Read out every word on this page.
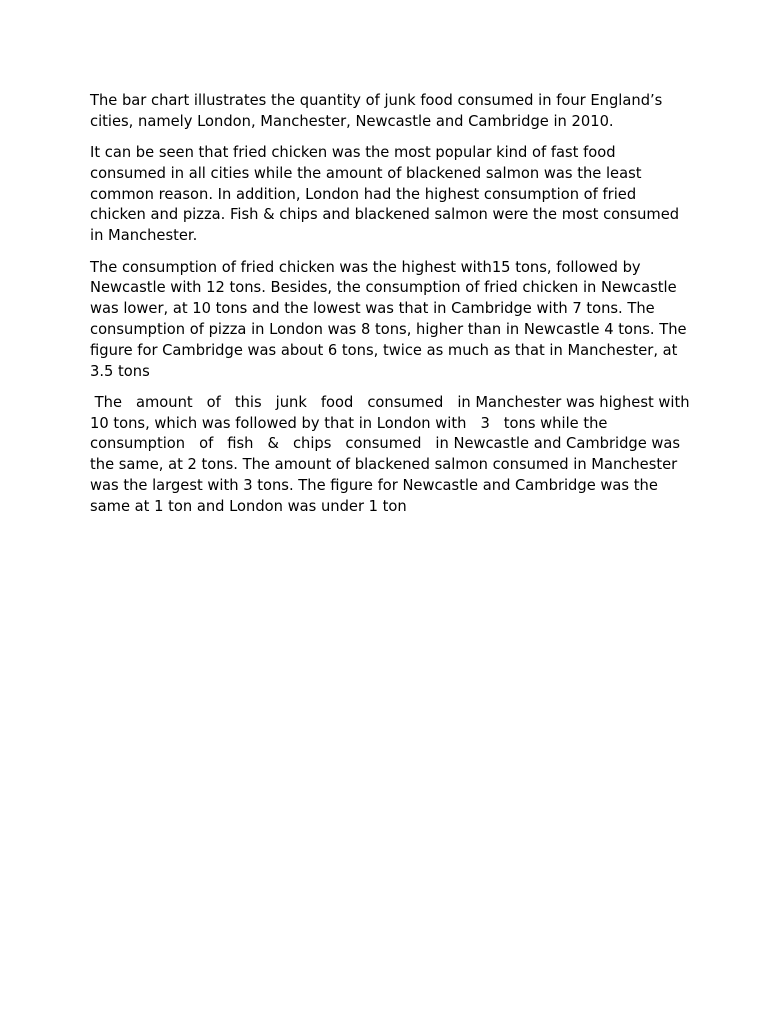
The bar chart illustrates the quantity of junk food consumed in four England’s cities, namely London, Manchester, Newcastle and Cambridge in 2010.

It can be seen that fried chicken was the most popular kind of fast food consumed in all cities while the amount of blackened salmon was the least common reason. In addition, London had the highest consumption of fried chicken and pizza. Fish & chips and blackened salmon were the most consumed in Manchester.

The consumption of fried chicken was the highest with15 tons, followed by Newcastle with 12 tons. Besides, the consumption of fried chicken in Newcastle was lower, at 10 tons and the lowest was that in Cambridge with 7 tons. The consumption of pizza in London was 8 tons, higher than in Newcastle 4 tons. The figure for Cambridge was about 6 tons, twice as much as that in Manchester, at 3.5 tons

The   amount   of   this   junk   food   consumed   in Manchester was highest with 10 tons, which was followed by that in London with   3   tons while the consumption   of   fish   &   chips   consumed   in Newcastle and Cambridge was the same, at 2 tons. The amount of blackened salmon consumed in Manchester was the largest with 3 tons. The figure for Newcastle and Cambridge was the same at 1 ton and London was under 1 ton
